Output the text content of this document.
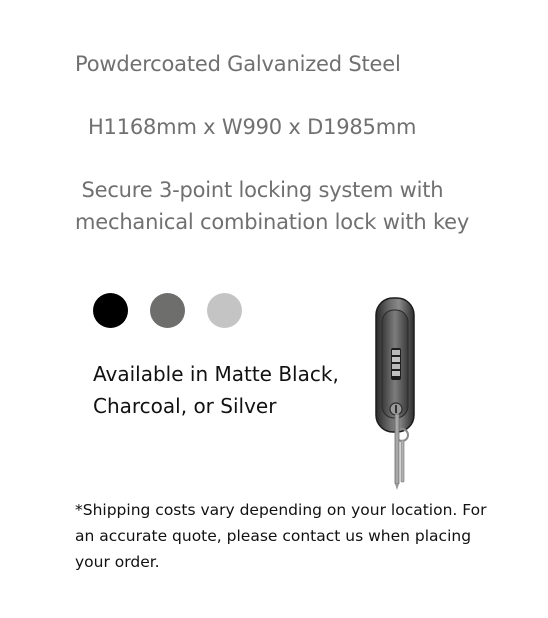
Powdercoated Galvanized Steel
H1168mm x W990 x D1985mm
Secure 3-point locking system with
mechanical combination lock with key
Available in Matte Black,
Charcoal, or Silver
*Shipping costs vary depending on your location. For
an accurate quote, please contact us when placing
your order.
